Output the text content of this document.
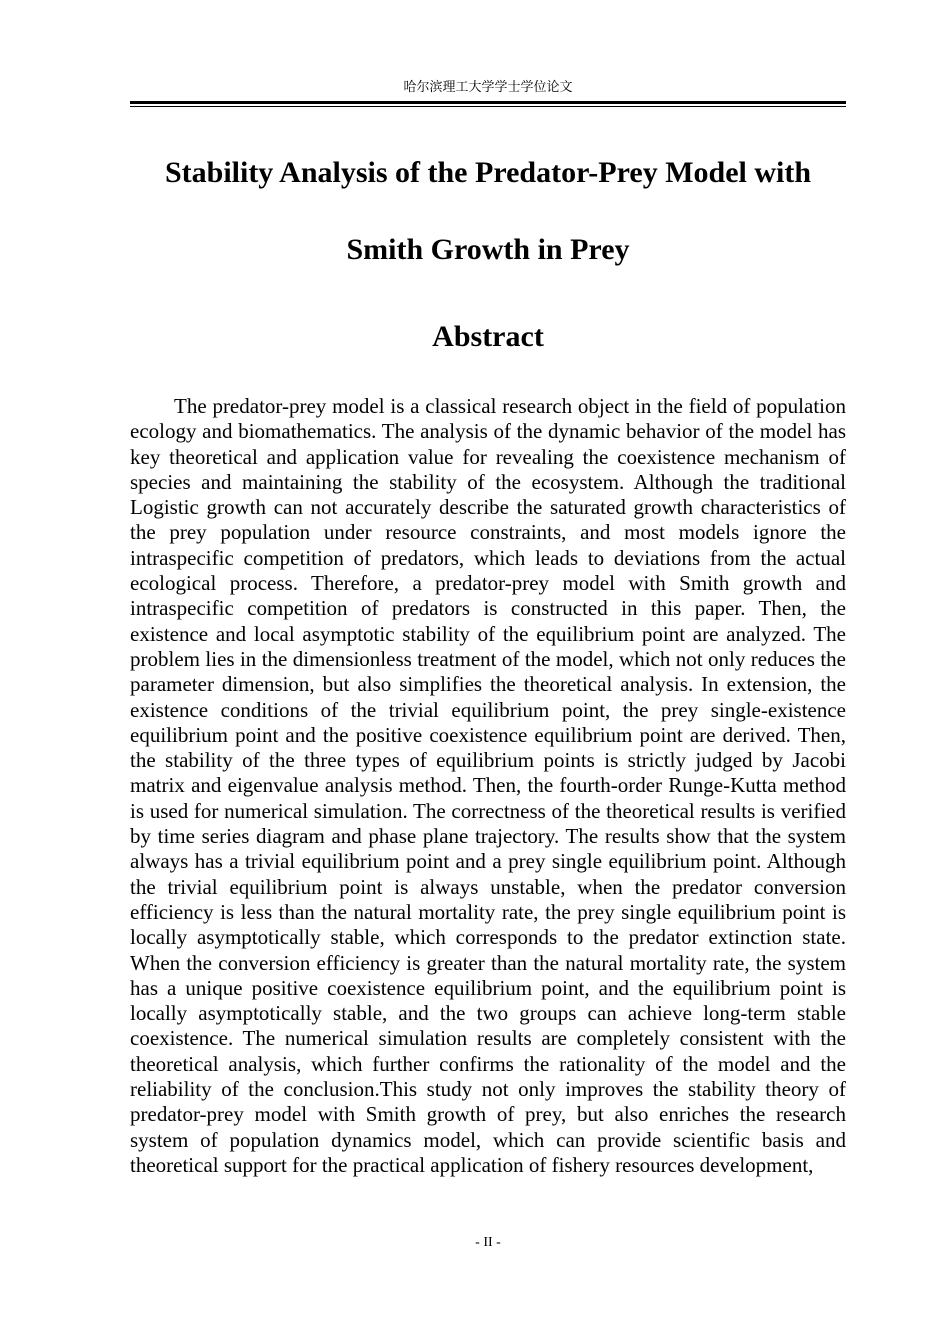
哈尔滨理工大学学士学位论文
Stability Analysis of the Predator-Prey Model with
Smith Growth in Prey
Abstract

The predator-prey model is a classical research object in the field of population ecology and biomathematics. The analysis of the dynamic behavior of the model has key theoretical and application value for revealing the coexistence mechanism of species and maintaining the stability of the ecosystem. Although the traditional Logistic growth can not accurately describe the saturated growth characteristics of the prey population under resource constraints, and most models ignore the intraspecific competition of predators, which leads to deviations from the actual ecological process. Therefore, a predator-prey model with Smith growth and intraspecific competition of predators is constructed in this paper. Then, the existence and local asymptotic stability of the equilibrium point are analyzed. The problem lies in the dimensionless treatment of the model, which not only reduces the parameter dimension, but also simplifies the theoretical analysis. In extension, the existence conditions of the trivial equilibrium point, the prey single-existence equilibrium point and the positive coexistence equilibrium point are derived. Then, the stability of the three types of equilibrium points is strictly judged by Jacobi matrix and eigenvalue analysis method. Then, the fourth-order Runge-Kutta method is used for numerical simulation. The correctness of the theoretical results is verified by time series diagram and phase plane trajectory. The results show that the system always has a trivial equilibrium point and a prey single equilibrium point. Although the trivial equilibrium point is always unstable, when the predator conversion efficiency is less than the natural mortality rate, the prey single equilibrium point is locally asymptotically stable, which corresponds to the predator extinction state. When the conversion efficiency is greater than the natural mortality rate, the system has a unique positive coexistence equilibrium point, and the equilibrium point is locally asymptotically stable, and the two groups can achieve long-term stable coexistence. The numerical simulation results are completely consistent with the theoretical analysis, which further confirms the rationality of the model and the reliability of the conclusion.This study not only improves the stability theory of predator-prey model with Smith growth of prey, but also enriches the research system of population dynamics model, which can provide scientific basis and theoretical support for the practical application of fishery resources development,

- II -
